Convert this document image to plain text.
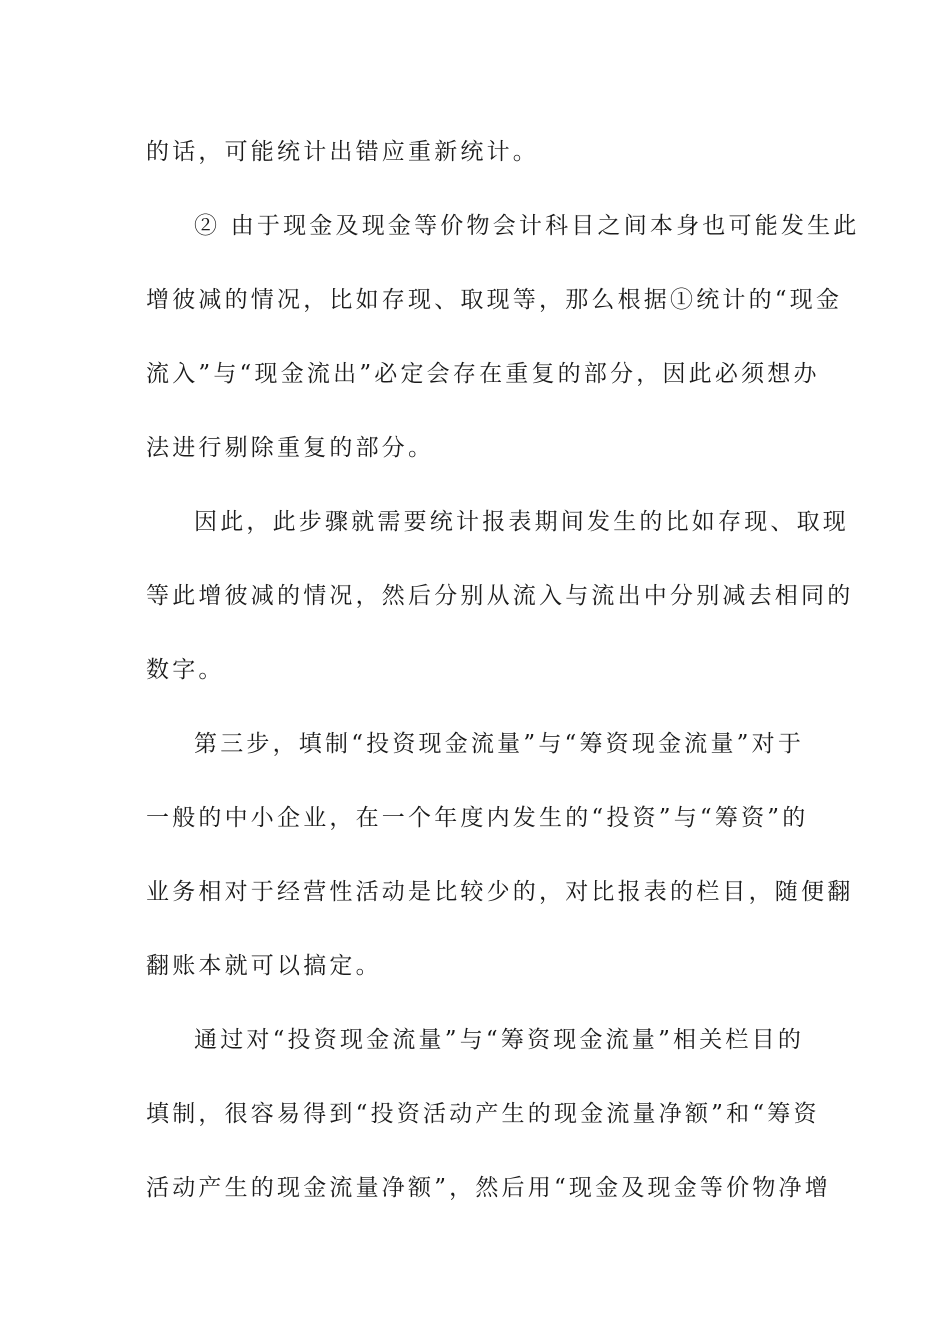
的话，可能统计出错应重新统计。
② 由于现金及现金等价物会计科目之间本身也可能发生此
增彼减的情况，比如存现、取现等，那么根据①统计的“现金
流入”与“现金流出”必定会存在重复的部分，因此必须想办
法进行剔除重复的部分。
因此，此步骤就需要统计报表期间发生的比如存现、取现
等此增彼减的情况，然后分别从流入与流出中分别减去相同的
数字。
第三步，填制“投资现金流量”与“筹资现金流量”对于
一般的中小企业，在一个年度内发生的“投资”与“筹资”的
业务相对于经营性活动是比较少的，对比报表的栏目，随便翻
翻账本就可以搞定。
通过对“投资现金流量”与“筹资现金流量”相关栏目的
填制，很容易得到“投资活动产生的现金流量净额”和“筹资
活动产生的现金流量净额”，然后用“现金及现金等价物净增
